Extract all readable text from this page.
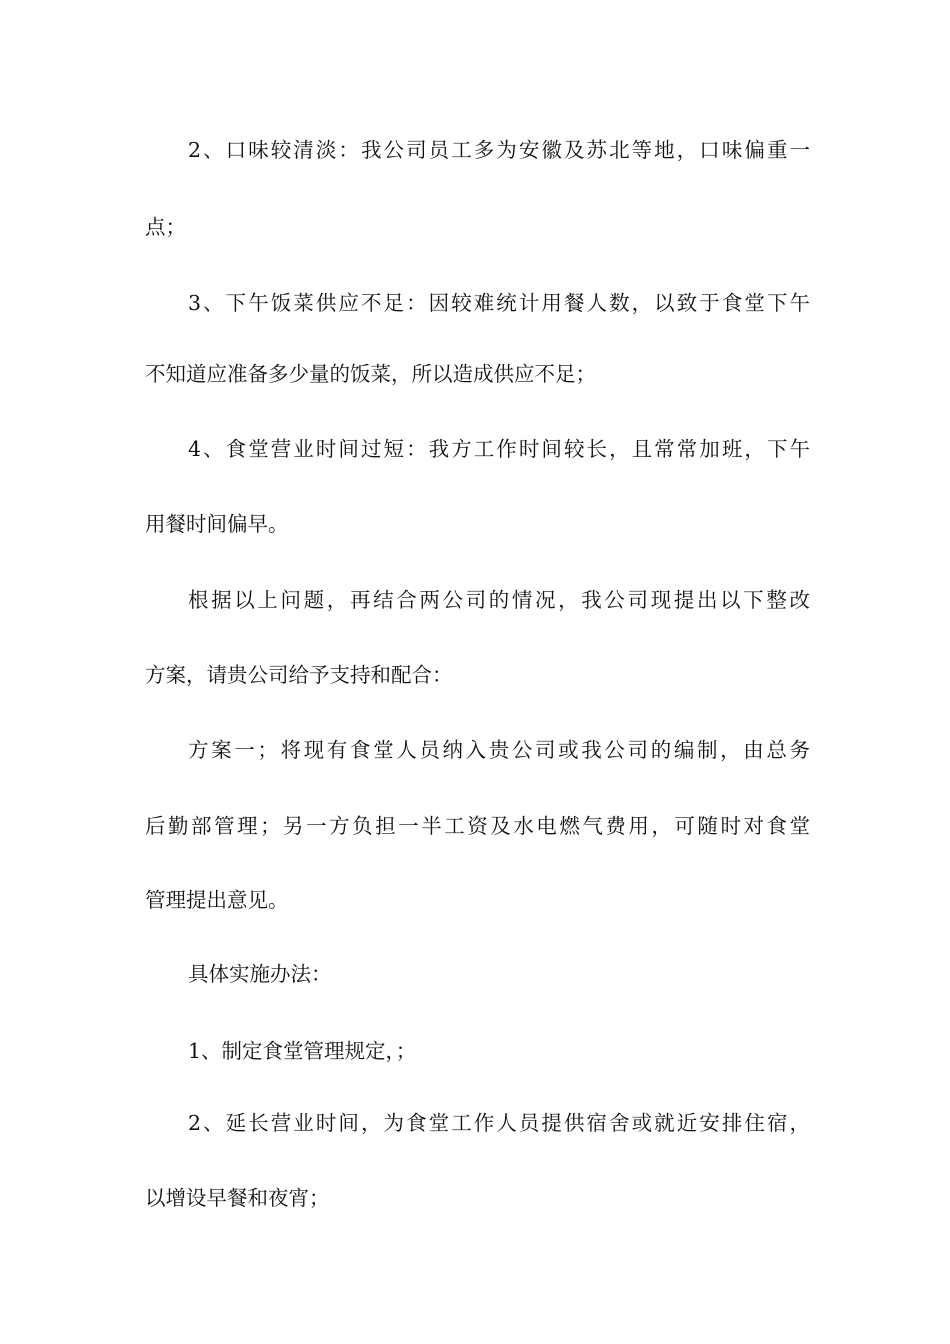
2、口味较清淡：我公司员工多为安徽及苏北等地，口味偏重一
点；
3、下午饭菜供应不足：因较难统计用餐人数，以致于食堂下午
不知道应准备多少量的饭菜，所以造成供应不足；
4、食堂营业时间过短：我方工作时间较长，且常常加班，下午
用餐时间偏早。
根据以上问题，再结合两公司的情况，我公司现提出以下整改
方案，请贵公司给予支持和配合：
方案一；将现有食堂人员纳入贵公司或我公司的编制，由总务
后勤部管理；另一方负担一半工资及水电燃气费用，可随时对食堂
管理提出意见。
具体实施办法：
1、制定食堂管理规定，；
2、延长营业时间，为食堂工作人员提供宿舍或就近安排住宿，
以增设早餐和夜宵；
